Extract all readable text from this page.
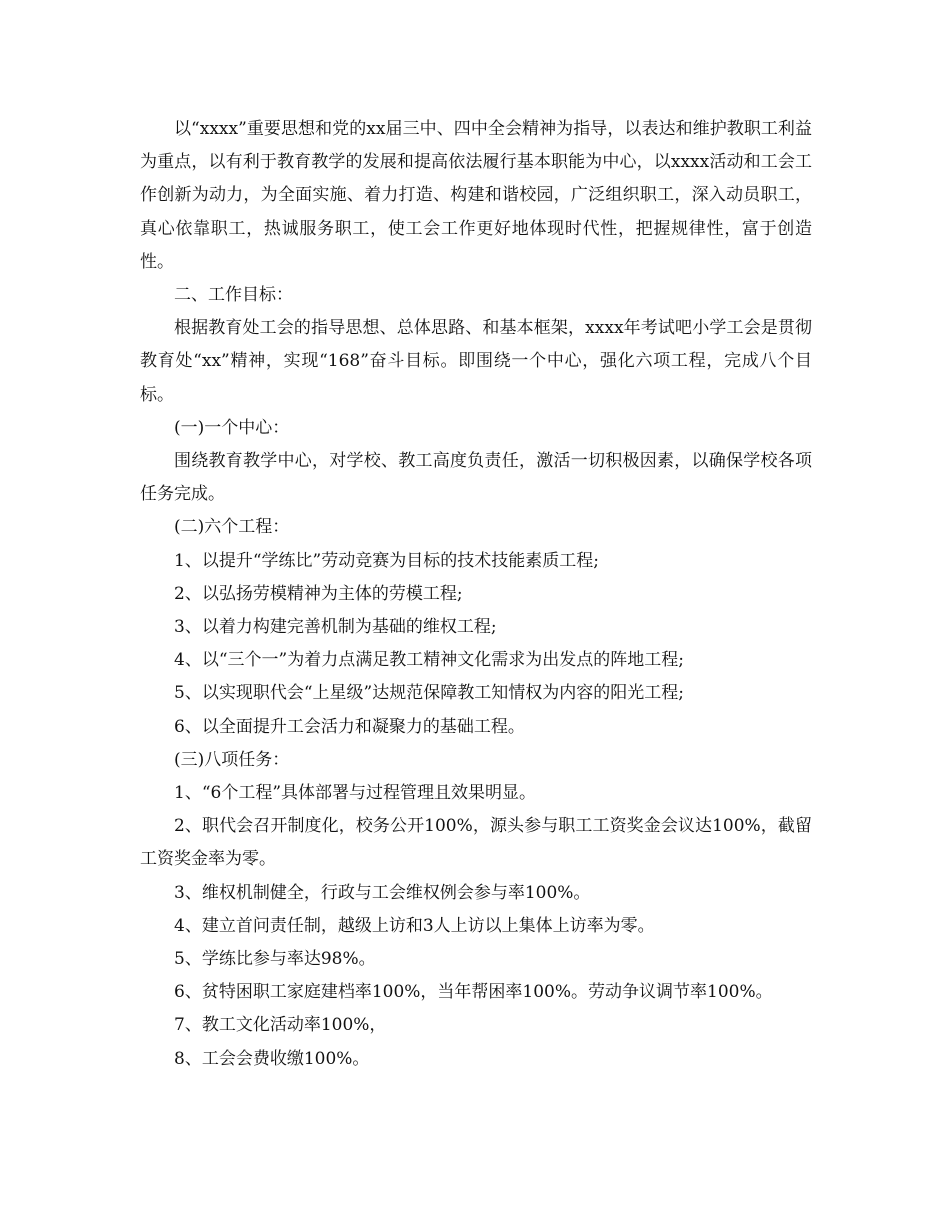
以“xxxx”重要思想和党的xx届三中、四中全会精神为指导，以表达和维护教职工利益为重点，以有利于教育教学的发展和提高依法履行基本职能为中心，以xxxx活动和工会工作创新为动力，为全面实施、着力打造、构建和谐校园，广泛组织职工，深入动员职工，真心依靠职工，热诚服务职工，使工会工作更好地体现时代性，把握规律性，富于创造性。

二、工作目标：

根据教育处工会的指导思想、总体思路、和基本框架，xxxx年考试吧小学工会是贯彻教育处“xx”精神，实现“168”奋斗目标。即围绕一个中心，强化六项工程，完成八个目标。

(一)一个中心：

围绕教育教学中心，对学校、教工高度负责任，激活一切积极因素，以确保学校各项任务完成。

(二)六个工程：

1、以提升“学练比”劳动竞赛为目标的技术技能素质工程;

2、以弘扬劳模精神为主体的劳模工程;

3、以着力构建完善机制为基础的维权工程;

4、以“三个一”为着力点满足教工精神文化需求为出发点的阵地工程;

5、以实现职代会“上星级”达规范保障教工知情权为内容的阳光工程;

6、以全面提升工会活力和凝聚力的基础工程。

(三)八项任务：

1、“6个工程”具体部署与过程管理且效果明显。

2、职代会召开制度化，校务公开100%，源头参与职工工资奖金会议达100%，截留工资奖金率为零。

3、维权机制健全，行政与工会维权例会参与率100%。

4、建立首问责任制，越级上访和3人上访以上集体上访率为零。

5、学练比参与率达98%。

6、贫特困职工家庭建档率100%，当年帮困率100%。劳动争议调节率100%。

7、教工文化活动率100%，

8、工会会费收缴100%。
